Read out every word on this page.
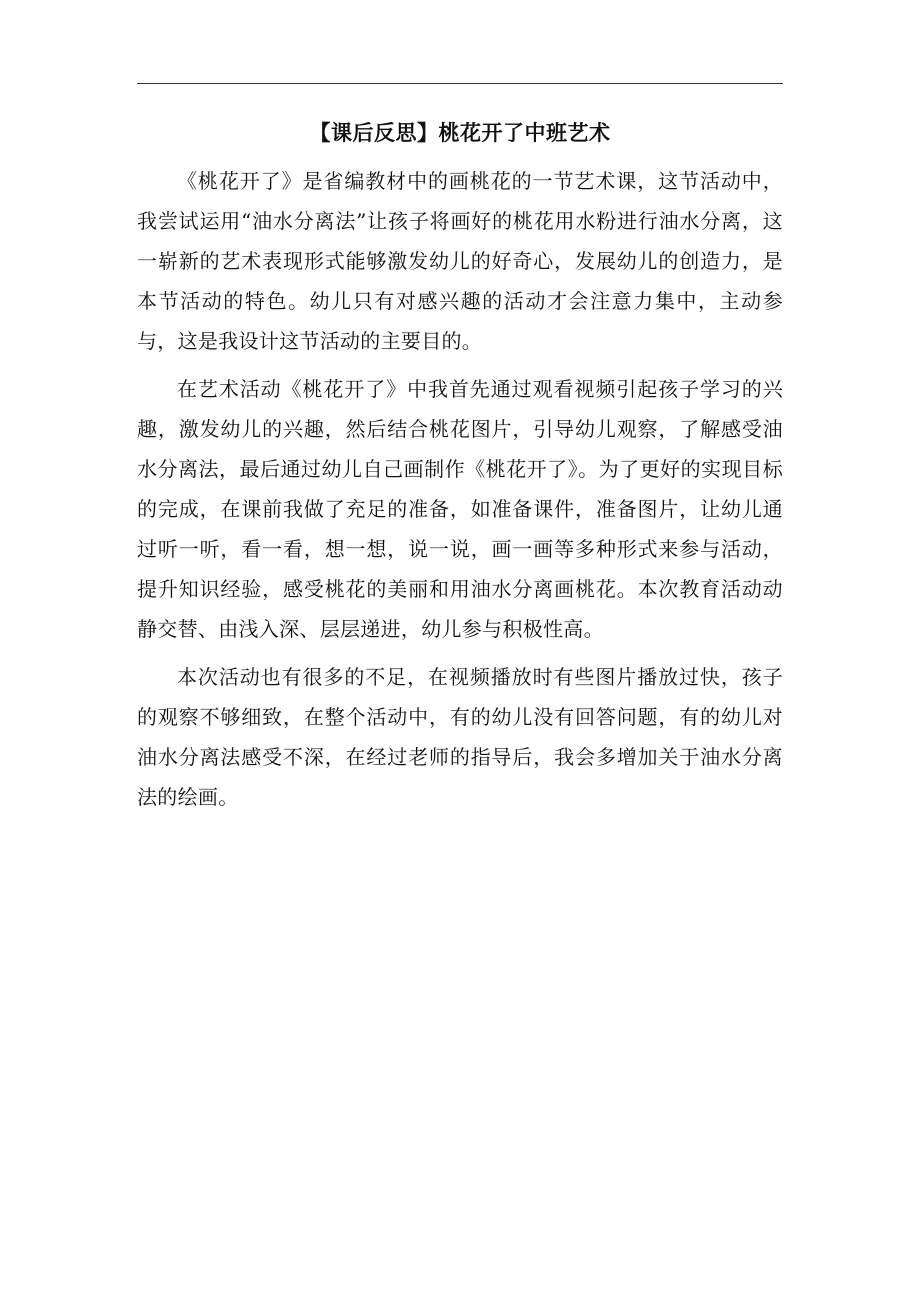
【课后反思】桃花开了中班艺术

《桃花开了》是省编教材中的画桃花的一节艺术课，这节活动中，我尝试运用“油水分离法”让孩子将画好的桃花用水粉进行油水分离，这一崭新的艺术表现形式能够激发幼儿的好奇心，发展幼儿的创造力，是本节活动的特色。幼儿只有对感兴趣的活动才会注意力集中，主动参与，这是我设计这节活动的主要目的。

在艺术活动《桃花开了》中我首先通过观看视频引起孩子学习的兴趣，激发幼儿的兴趣，然后结合桃花图片，引导幼儿观察，了解感受油水分离法，最后通过幼儿自己画制作《桃花开了》。为了更好的实现目标的完成，在课前我做了充足的准备，如准备课件，准备图片，让幼儿通过听一听，看一看，想一想，说一说，画一画等多种形式来参与活动，提升知识经验，感受桃花的美丽和用油水分离画桃花。本次教育活动动静交替、由浅入深、层层递进，幼儿参与积极性高。

本次活动也有很多的不足，在视频播放时有些图片播放过快，孩子的观察不够细致，在整个活动中，有的幼儿没有回答问题，有的幼儿对油水分离法感受不深，在经过老师的指导后，我会多增加关于油水分离法的绘画。
